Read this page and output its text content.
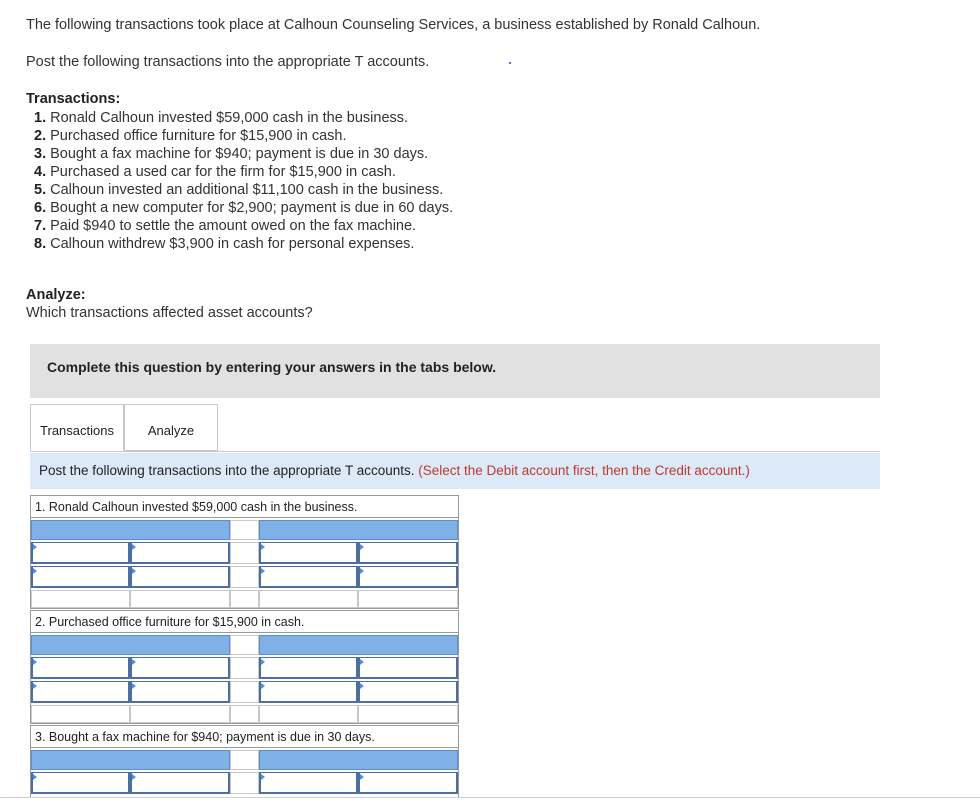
The following transactions took place at Calhoun Counseling Services, a business established by Ronald Calhoun.
Post the following transactions into the appropriate T accounts.
Transactions:
1. Ronald Calhoun invested $59,000 cash in the business.
2. Purchased office furniture for $15,900 in cash.
3. Bought a fax machine for $940; payment is due in 30 days.
4. Purchased a used car for the firm for $15,900 in cash.
5. Calhoun invested an additional $11,100 cash in the business.
6. Bought a new computer for $2,900; payment is due in 60 days.
7. Paid $940 to settle the amount owed on the fax machine.
8. Calhoun withdrew $3,900 in cash for personal expenses.
Analyze:
Which transactions affected asset accounts?
Complete this question by entering your answers in the tabs below.
Transactions	Analyze
Post the following transactions into the appropriate T accounts. (Select the Debit account first, then the Credit account.)
1. Ronald Calhoun invested $59,000 cash in the business.
2. Purchased office furniture for $15,900 in cash.
3. Bought a fax machine for $940; payment is due in 30 days.
